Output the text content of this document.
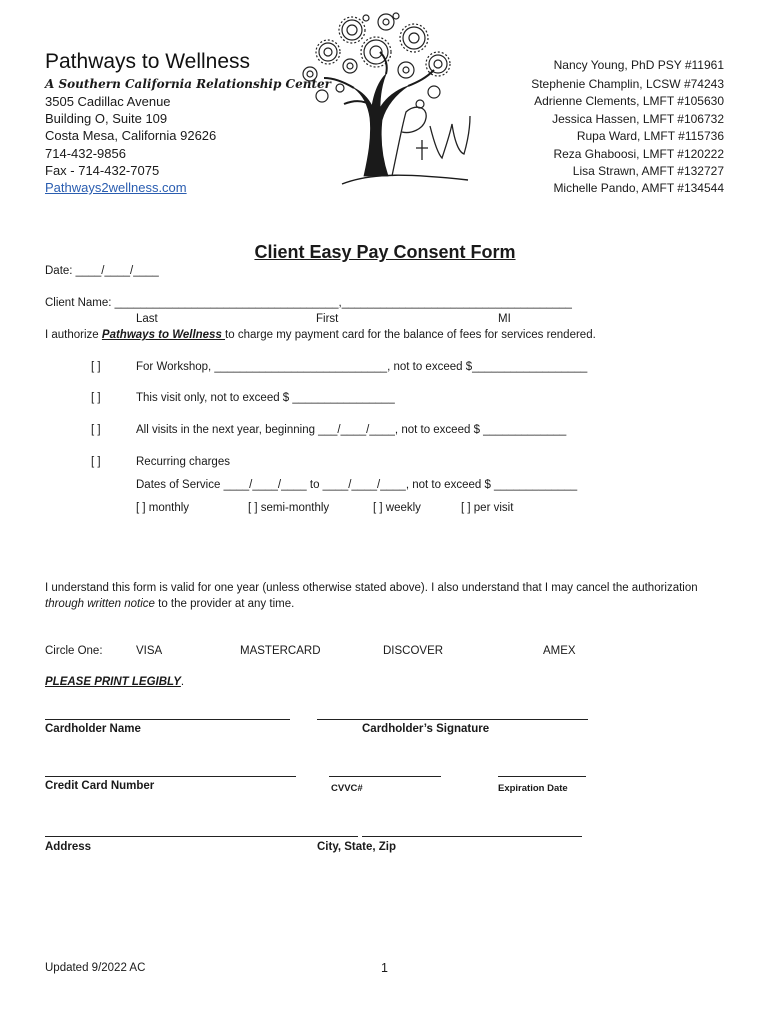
Pathways to Wellness
A Southern California Relationship Center
3505 Cadillac Avenue
Building O, Suite 109
Costa Mesa, California 92626
714-432-9856
Fax - 714-432-7075
Pathways2wellness.com
Nancy Young, PhD PSY #11961
Stephenie Champlin, LCSW #74243
Adrienne Clements, LMFT #105630
Jessica Hassen, LMFT #106732
Rupa Ward, LMFT #115736
Reza Ghaboosi, LMFT #120222
Lisa Strawn, AMFT #132727
Michelle Pando, AMFT #134544
Client Easy Pay Consent Form
Date: ____/____/____
Client Name: ___________________________________,____________________________________
Last	First	MI
I authorize Pathways to Wellness to charge my payment card for the balance of fees for services rendered.
[ ]	For Workshop, ___________________________, not to exceed $__________________
[ ]	This visit only, not to exceed $ ________________
[ ]	All visits in the next year, beginning ___/____/____, not to exceed $ _____________
[ ]	Recurring charges
Dates of Service ____/____/____ to ____/____/____, not to exceed $ _____________
[ ] monthly	[ ] semi-monthly	[ ] weekly	[ ] per visit
I understand this form is valid for one year (unless otherwise stated above). I also understand that I may cancel the authorization
through written notice to the provider at any time.
Circle One:	VISA	MASTERCARD	DISCOVER	AMEX
PLEASE PRINT LEGIBLY.
Cardholder Name	Cardholder’s Signature
Credit Card Number	CVVC#	Expiration Date
Address	City, State, Zip
Updated 9/2022 AC	1
